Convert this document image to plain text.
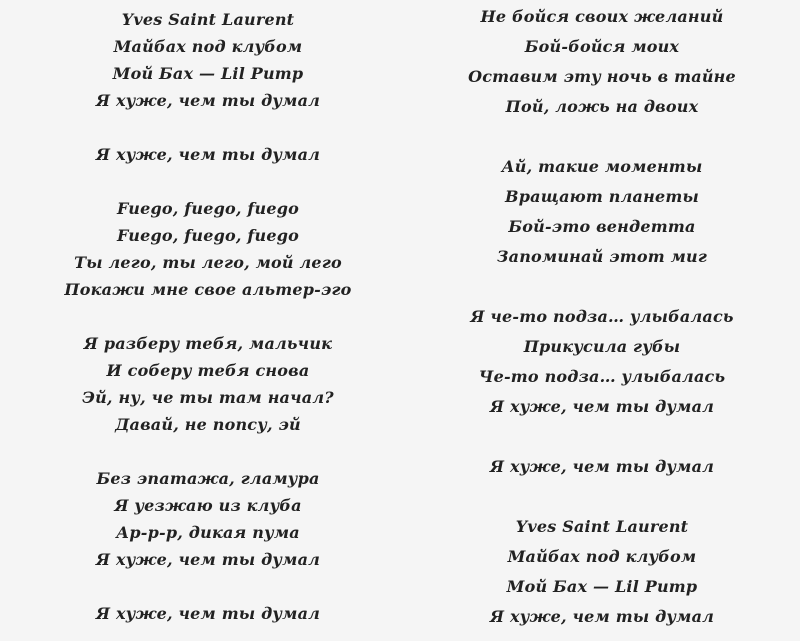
Yves Saint Laurent
Майбах под клубом
Мой Бах — Lil Pump
Я хуже, чем ты думал
Я хуже, чем ты думал
Fuego, fuego, fuego
Fuego, fuego, fuego
Ты лего, ты лего, мой лего
Покажи мне свое альтер-эго
Я разберу тебя, мальчик
И соберу тебя снова
Эй, ну, че ты там начал?
Давай, не попсу, эй
Без эпатажа, гламура
Я уезжаю из клуба
Ар-р-р, дикая пума
Я хуже, чем ты думал
Я хуже, чем ты думал
Не бойся своих желаний
Бой-бойся моих
Оставим эту ночь в тайне
Пой, ложь на двоих
Ай, такие моменты
Вращают планеты
Бой-это вендетта
Запоминай этот миг
Я че-то подза… улыбалась
Прикусила губы
Че-то подза… улыбалась
Я хуже, чем ты думал
Я хуже, чем ты думал
Yves Saint Laurent
Майбах под клубом
Мой Бах — Lil Pump
Я хуже, чем ты думал
